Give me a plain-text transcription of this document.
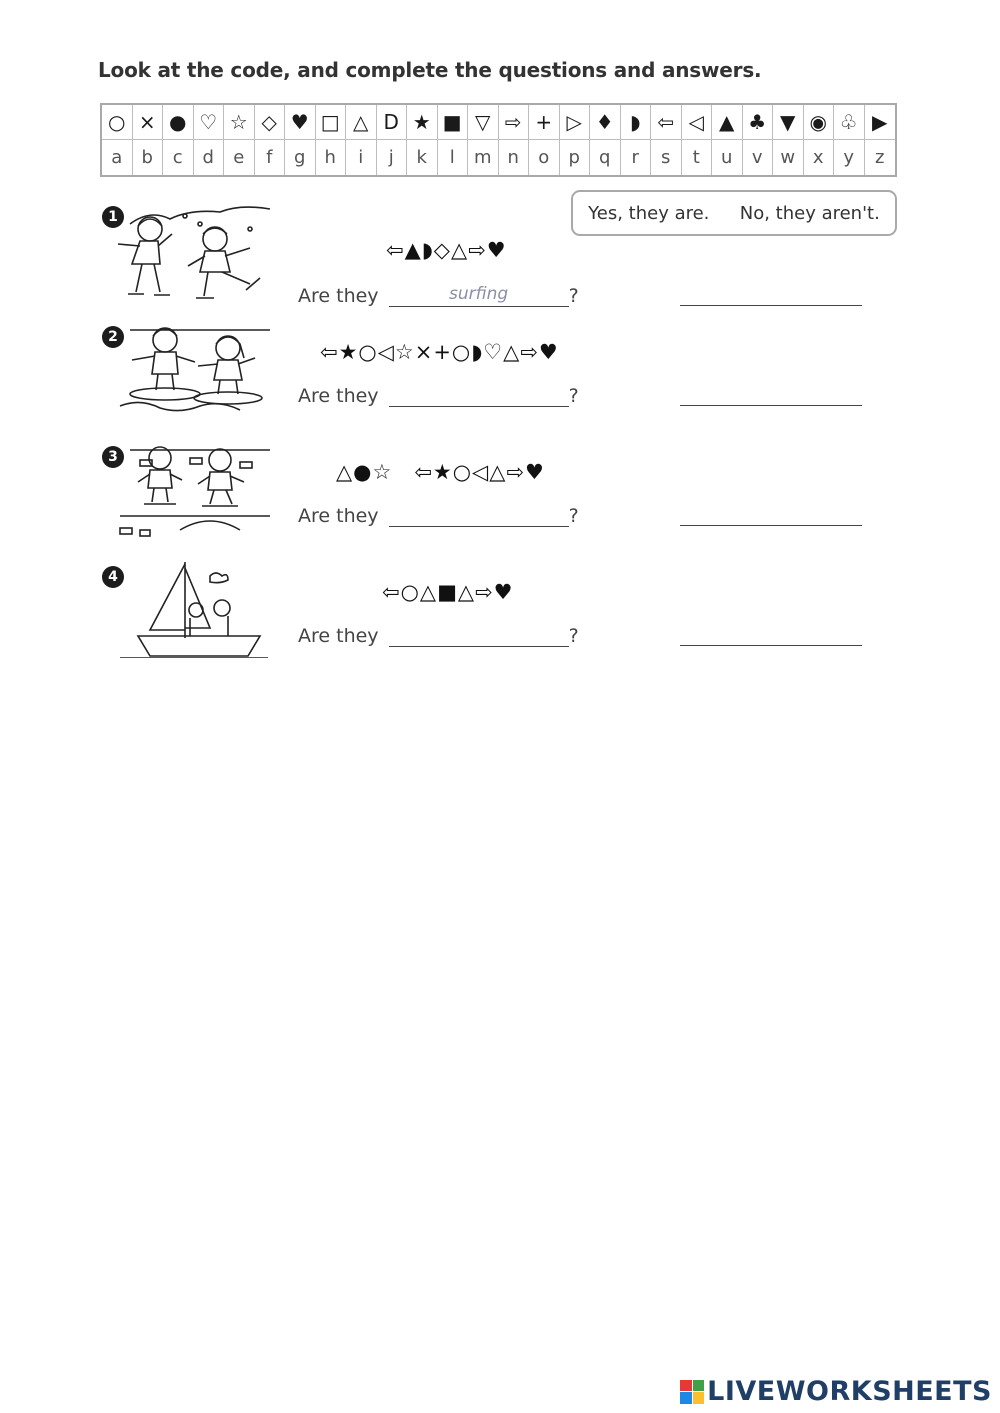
Look at the code, and complete the questions and answers.
○ × ● ♡ ☆ ◇ ♥ □ △ D ★ ■ ▽ ⇨ + ▷ ♦ ◗ ⇦ ◁ ▲ ♣ ▼ ◉ ♧ ▶
a	b	c	d	e	f	g	h	i	j	k	l	m n	o	p	q	r	s	t	u	v w x	y	z
Yes, they are. No, they aren't.
1
⇦▲◗◇△⇨♥
Are they	surfing	?
2
⇦★○◁☆×+○◗♡△⇨♥
Are they	?
3
△●☆ ⇦★○◁△⇨♥
Are they	?
4
⇦○△■△⇨♥
Are they	?
LIVEWORKSHEETS
